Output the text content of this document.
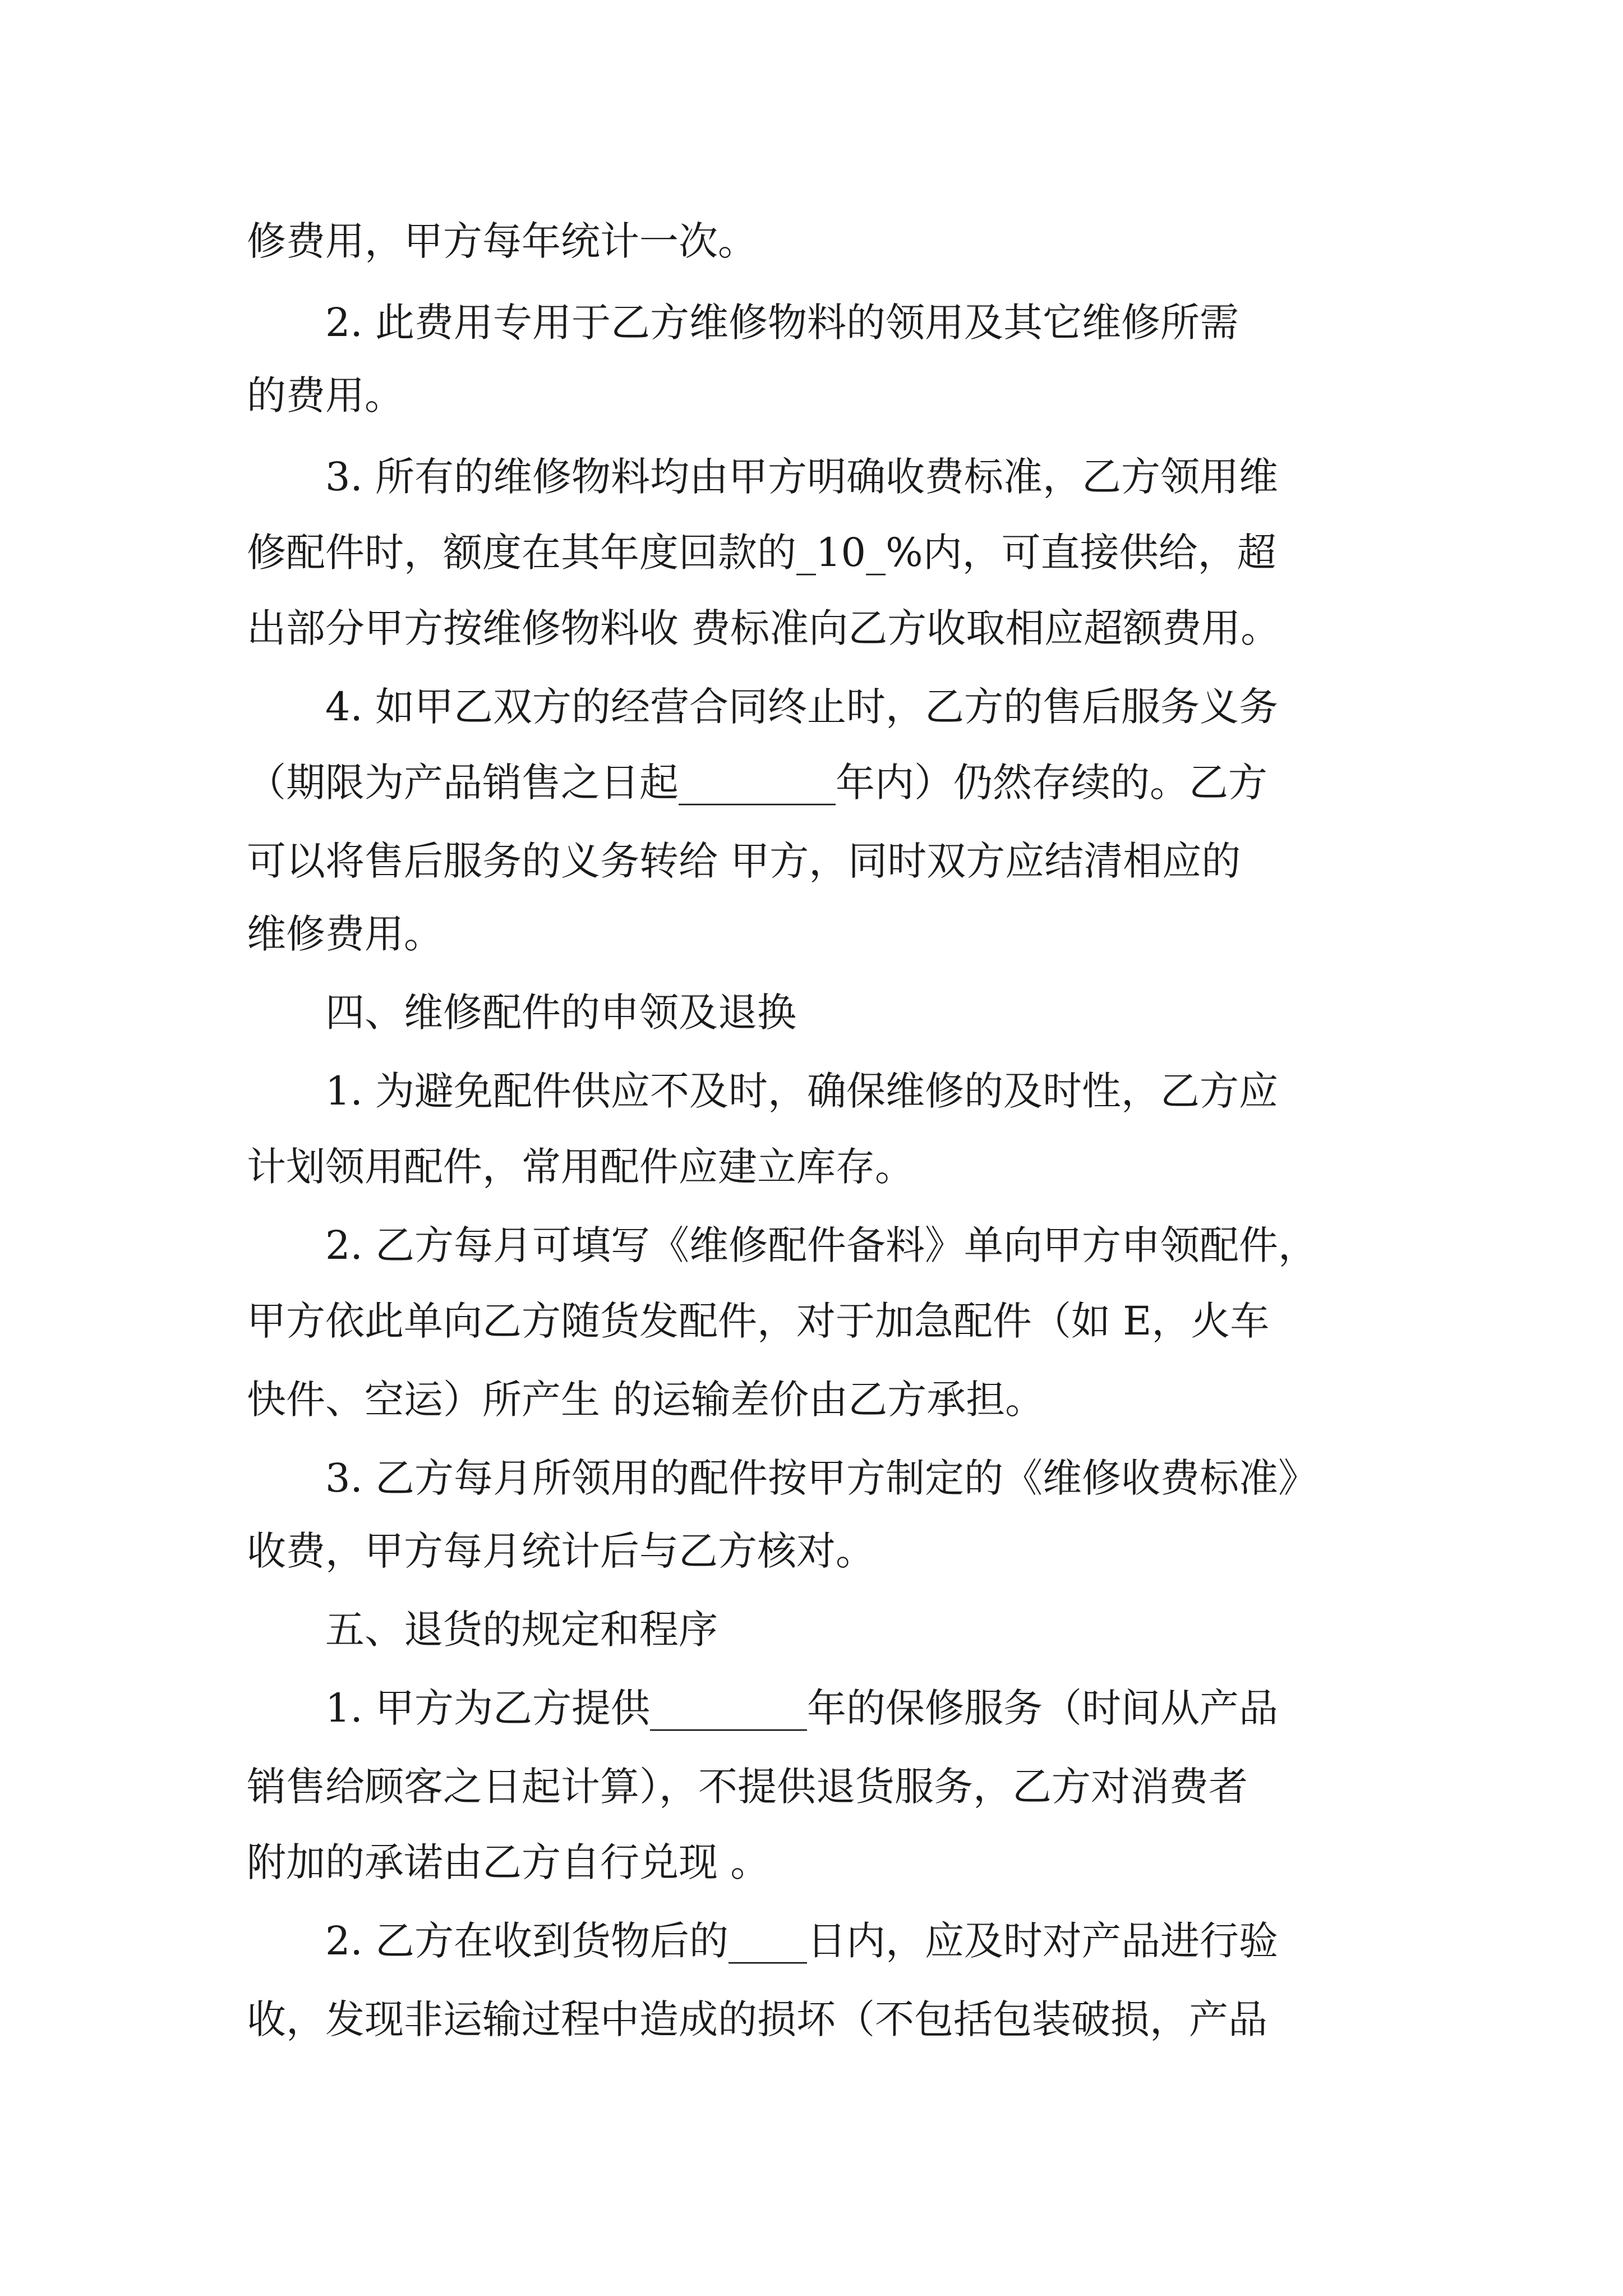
修费用，甲方每年统计一次。
2. 此费用专用于乙方维修物料的领用及其它维修所需
的费用。
3. 所有的维修物料均由甲方明确收费标准，乙方领用维
修配件时，额度在其年度回款的_10_%内，可直接供给，超
出部分甲方按维修物料收 费标准向乙方收取相应超额费用。
4. 如甲乙双方的经营合同终止时，乙方的售后服务义务
（期限为产品销售之日起________年内）仍然存续的。乙方
可以将售后服务的义务转给 甲方，同时双方应结清相应的
维修费用。
四、维修配件的申领及退换
1. 为避免配件供应不及时，确保维修的及时性，乙方应
计划领用配件，常用配件应建立库存。
2. 乙方每月可填写《维修配件备料》单向甲方申领配件，
甲方依此单向乙方随货发配件，对于加急配件（如 E，火车
快件、空运）所产生 的运输差价由乙方承担。
3. 乙方每月所领用的配件按甲方制定的《维修收费标准》
收费，甲方每月统计后与乙方核对。
五、退货的规定和程序
1. 甲方为乙方提供________年的保修服务（时间从产品
销售给顾客之日起计算），不提供退货服务，乙方对消费者
附加的承诺由乙方自行兑现 。
2. 乙方在收到货物后的____日内，应及时对产品进行验
收，发现非运输过程中造成的损坏（不包括包装破损，产品
